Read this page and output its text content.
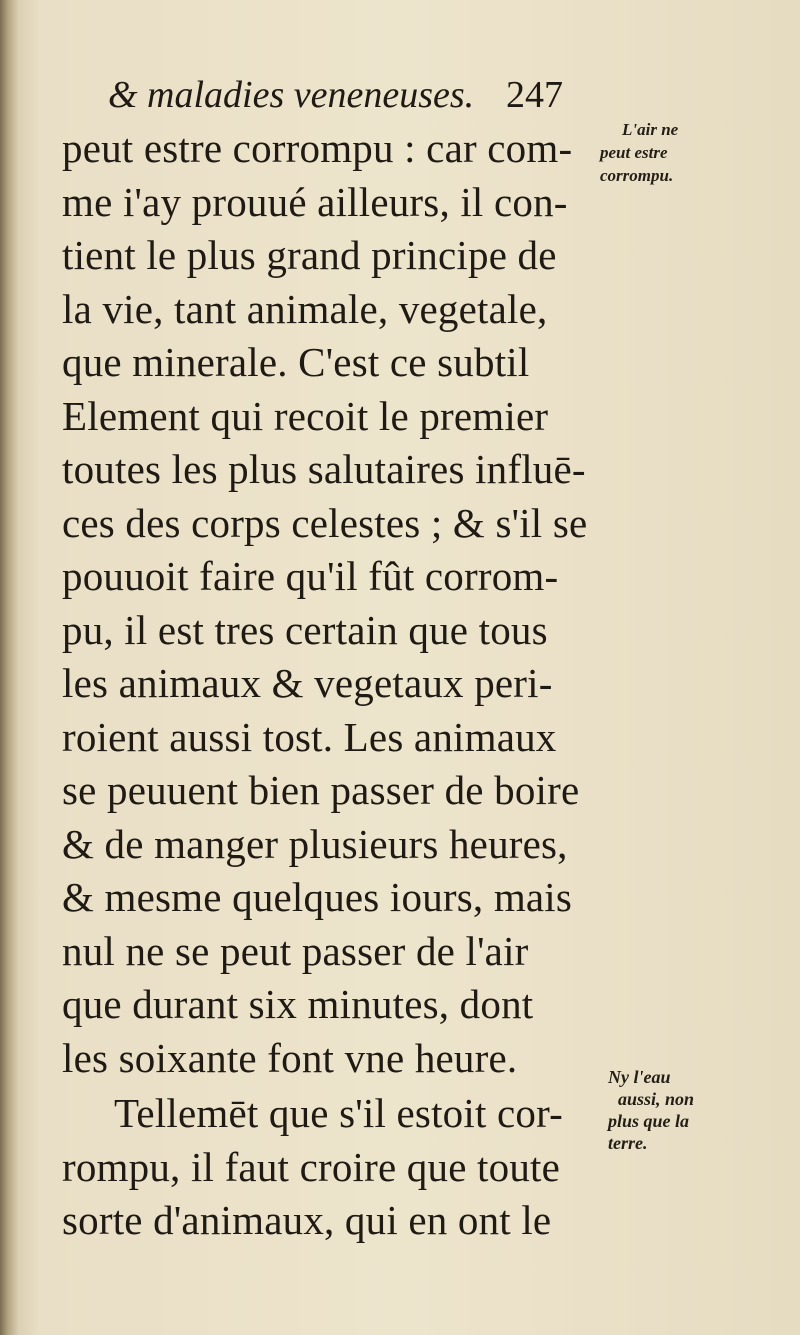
& maladies veneneuses. 247
peut estre corrompu : car com-
me i'ay prouué ailleurs, il con-
tient le plus grand principe de
la vie, tant animale, vegetale,
que minerale. C'est ce subtil
Element qui recoit le premier
toutes les plus salutaires influē-
ces des corps celestes ; & s'il se
pouuoit faire qu'il fût corrom-
pu, il est tres certain que tous
les animaux & vegetaux peri-
roient aussi tost. Les animaux
se peuuent bien passer de boire
& de manger plusieurs heures,
& mesme quelques iours, mais
nul ne se peut passer de l'air
que durant six minutes, dont
les soixante font vne heure.
Tellemēt que s'il estoit cor-
rompu, il faut croire que toute
sorte d'animaux, qui en ont le
L'air ne
peut estre
corrompu.
Ny l'eau
aussi, non
plus que la
terre.
